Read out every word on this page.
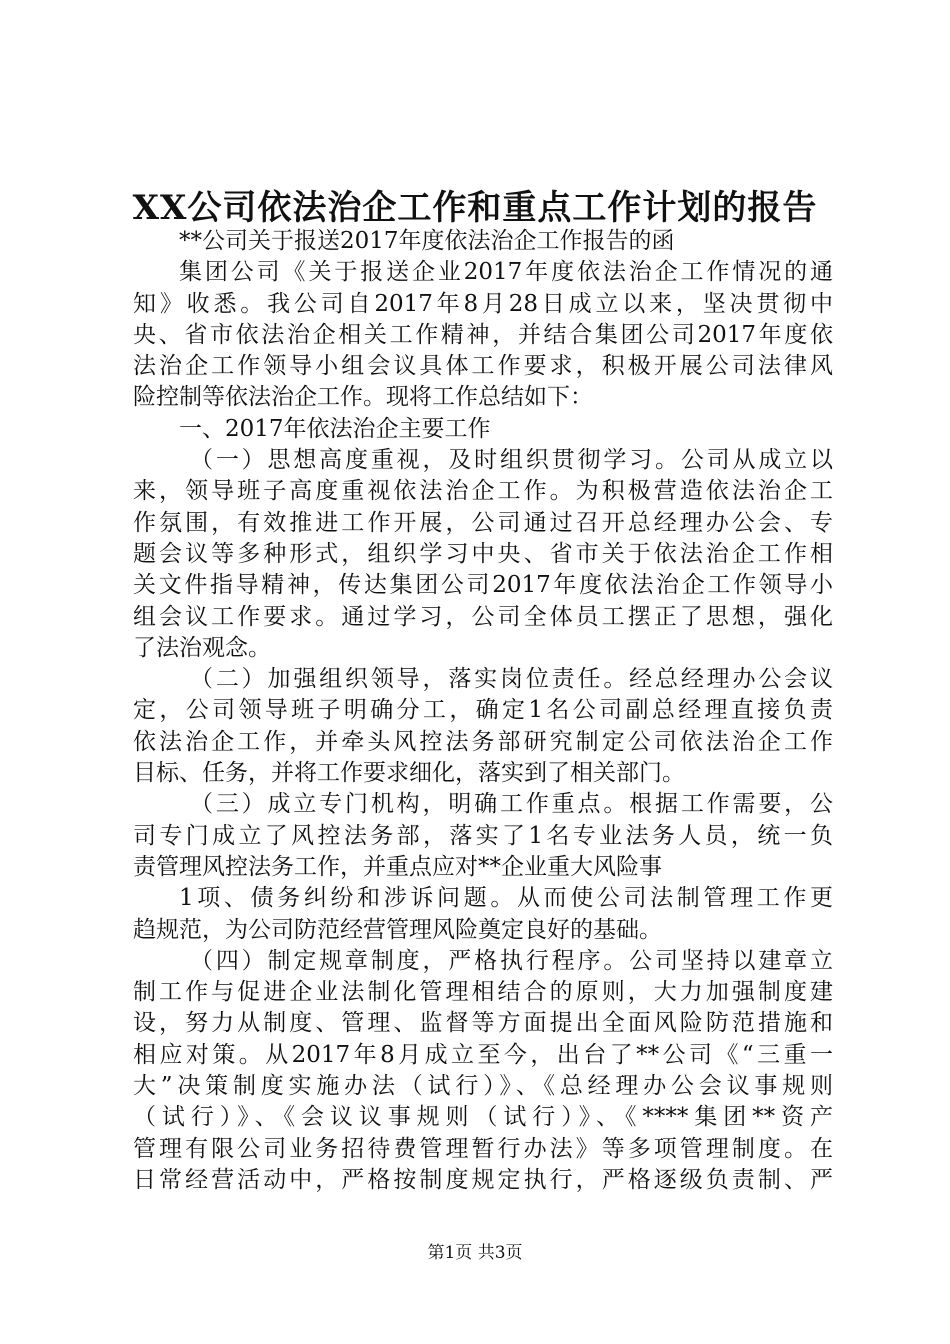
XX公司依法治企工作和重点工作计划的报告
**公司关于报送2017年度依法治企工作报告的函
集团公司《关于报送企业2017年度依法治企工作情况的通
知》收悉。我公司自2017年8月28日成立以来，坚决贯彻中
央、省市依法治企相关工作精神，并结合集团公司2017年度依
法治企工作领导小组会议具体工作要求，积极开展公司法律风
险控制等依法治企工作。现将工作总结如下：
一、2017年依法治企主要工作
（一）思想高度重视，及时组织贯彻学习。公司从成立以
来，领导班子高度重视依法治企工作。为积极营造依法治企工
作氛围，有效推进工作开展，公司通过召开总经理办公会、专
题会议等多种形式，组织学习中央、省市关于依法治企工作相
关文件指导精神，传达集团公司2017年度依法治企工作领导小
组会议工作要求。通过学习，公司全体员工摆正了思想，强化
了法治观念。
（二）加强组织领导，落实岗位责任。经总经理办公会议
定，公司领导班子明确分工，确定1名公司副总经理直接负责
依法治企工作，并牵头风控法务部研究制定公司依法治企工作
目标、任务，并将工作要求细化，落实到了相关部门。
（三）成立专门机构，明确工作重点。根据工作需要，公
司专门成立了风控法务部，落实了1名专业法务人员，统一负
责管理风控法务工作，并重点应对**企业重大风险事
1项、债务纠纷和涉诉问题。从而使公司法制管理工作更
趋规范，为公司防范经营管理风险奠定良好的基础。
（四）制定规章制度，严格执行程序。公司坚持以建章立
制工作与促进企业法制化管理相结合的原则，大力加强制度建
设，努力从制度、管理、监督等方面提出全面风险防范措施和
相应对策。从2017年8月成立至今，出台了**公司《“三重一
大”决策制度实施办法（试行）》、《总经理办公会议事规则
（试行）》、《会议议事规则（试行）》、《****集团**资产
管理有限公司业务招待费管理暂行办法》等多项管理制度。在
日常经营活动中，严格按制度规定执行，严格逐级负责制、严
第1页 共3页
